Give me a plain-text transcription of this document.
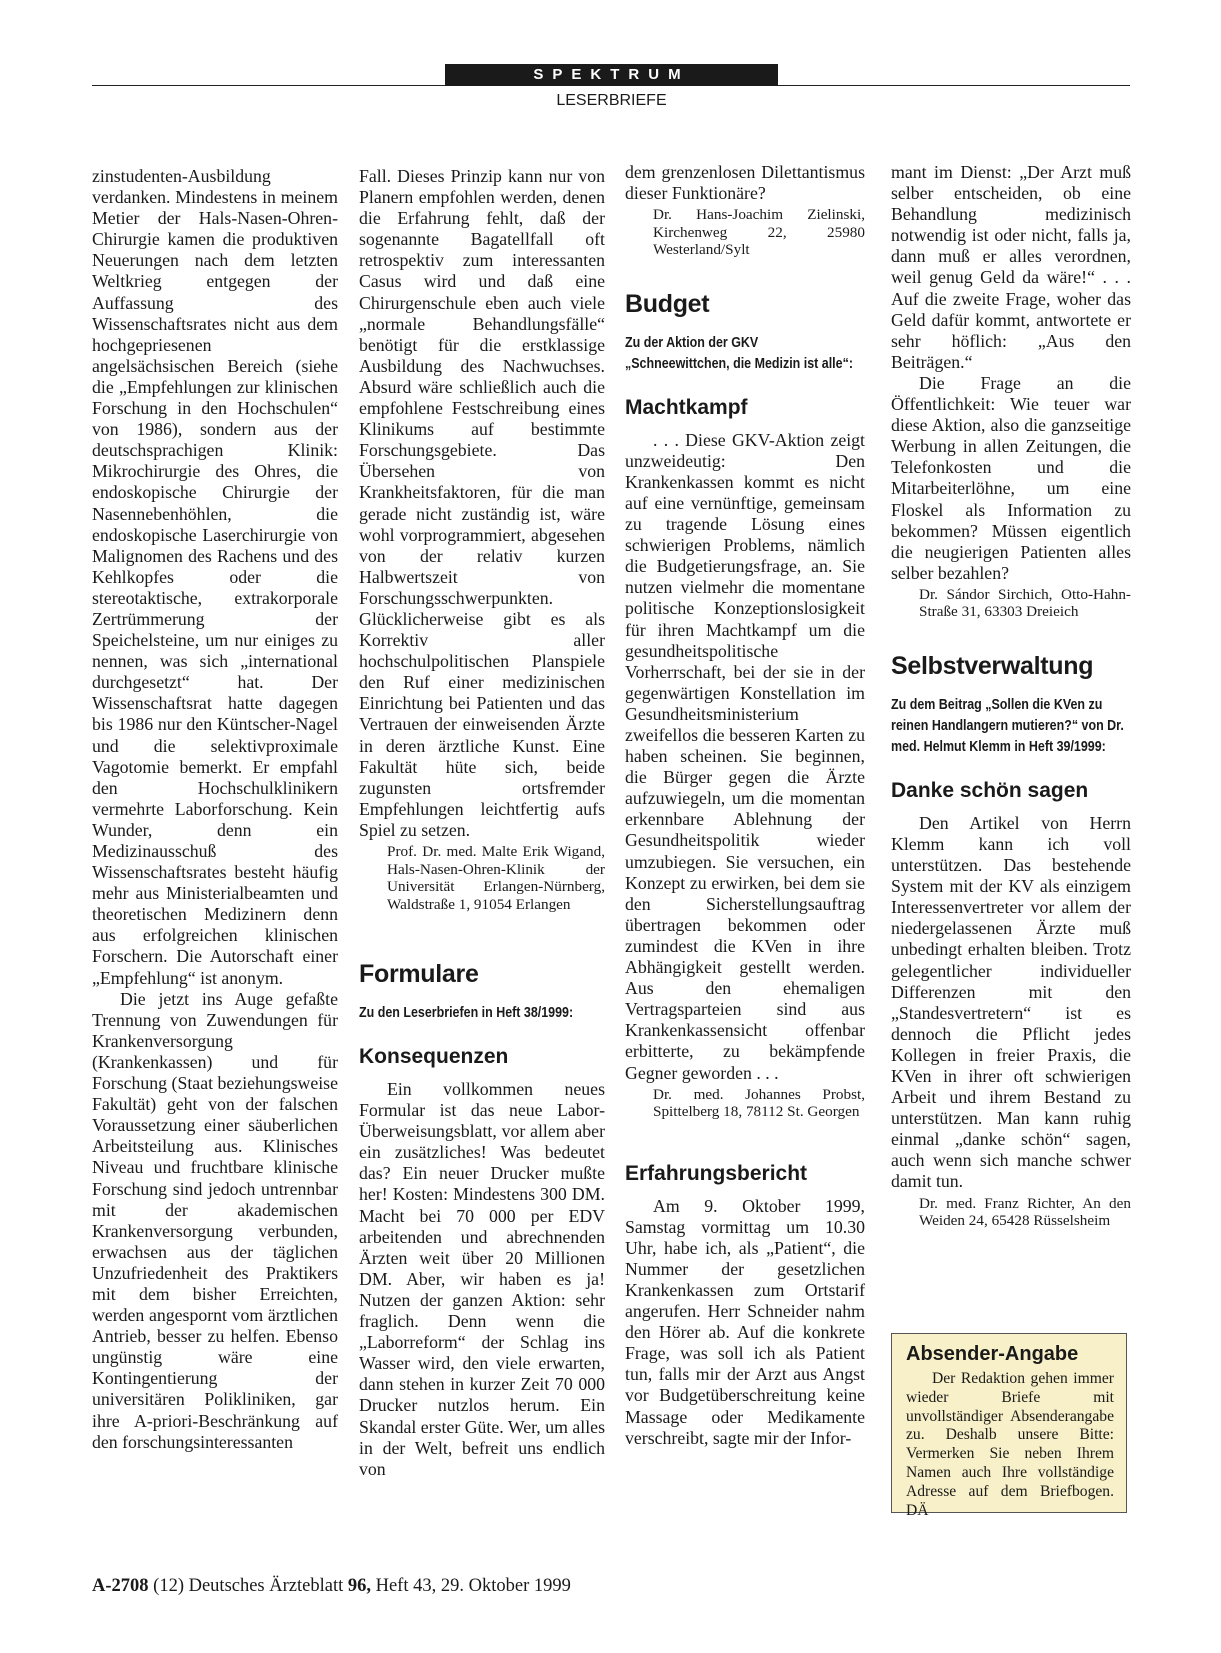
SPEKTRUM
LESERBRIEFE

zinstudenten-Ausbildung verdanken. Mindestens in meinem Metier der Hals-Nasen-Ohren-Chirurgie kamen die produktiven Neuerungen nach dem letzten Weltkrieg entgegen der Auffassung des Wissenschaftsrates nicht aus dem hochgepriesenen angelsächsischen Bereich (siehe die „Empfehlungen zur klinischen Forschung in den Hochschulen“ von 1986), sondern aus der deutschsprachigen Klinik: Mikrochirurgie des Ohres, die endoskopische Chirurgie der Nasennebenhöhlen, die endoskopische Laserchirurgie von Malignomen des Rachens und des Kehlkopfes oder die stereotaktische, extrakorporale Zertrümmerung der Speichelsteine, um nur einiges zu nennen, was sich „international durchgesetzt“ hat. Der Wissenschaftsrat hatte dagegen bis 1986 nur den Küntscher-Nagel und die selektivproximale Vagotomie bemerkt. Er empfahl den Hochschulklinikern vermehrte Laborforschung. Kein Wunder, denn ein Medizinausschuß des Wissenschaftsrates besteht häufig mehr aus Ministerialbeamten und theoretischen Medizinern denn aus erfolgreichen klinischen Forschern. Die Autorschaft einer „Empfehlung“ ist anonym.

Die jetzt ins Auge gefaßte Trennung von Zuwendungen für Krankenversorgung (Krankenkassen) und für Forschung (Staat beziehungsweise Fakultät) geht von der falschen Voraussetzung einer säuberlichen Arbeitsteilung aus. Klinisches Niveau und fruchtbare klinische Forschung sind jedoch untrennbar mit der akademischen Krankenversorgung verbunden, erwachsen aus der täglichen Unzufriedenheit des Praktikers mit dem bisher Erreichten, werden angespornt vom ärztlichen Antrieb, besser zu helfen. Ebenso ungünstig wäre eine Kontingentierung der universitären Polikliniken, gar ihre A-priori-Beschränkung auf den forschungsinteressanten

Fall. Dieses Prinzip kann nur von Planern empfohlen werden, denen die Erfahrung fehlt, daß der sogenannte Bagatellfall oft retrospektiv zum interessanten Casus wird und daß eine Chirurgenschule eben auch viele „normale Behandlungsfälle“ benötigt für die erstklassige Ausbildung des Nachwuchses. Absurd wäre schließlich auch die empfohlene Festschreibung eines Klinikums auf bestimmte Forschungsgebiete. Das Übersehen von Krankheitsfaktoren, für die man gerade nicht zuständig ist, wäre wohl vorprogrammiert, abgesehen von der relativ kurzen Halbwertszeit von Forschungsschwerpunkten. Glücklicherweise gibt es als Korrektiv aller hochschulpolitischen Planspiele den Ruf einer medizinischen Einrichtung bei Patienten und das Vertrauen der einweisenden Ärzte in deren ärztliche Kunst. Eine Fakultät hüte sich, beide zugunsten ortsfremder Empfehlungen leichtfertig aufs Spiel zu setzen.

Prof. Dr. med. Malte Erik Wigand, Hals-Nasen-Ohren-Klinik der Universität Erlangen-Nürnberg, Waldstraße 1, 91054 Erlangen
Formulare
Zu den Leserbriefen in Heft 38/1999:
Konsequenzen

Ein vollkommen neues Formular ist das neue Labor-Überweisungsblatt, vor allem aber ein zusätzliches! Was bedeutet das? Ein neuer Drucker mußte her! Kosten: Mindestens 300 DM. Macht bei 70 000 per EDV arbeitenden und abrechnenden Ärzten weit über 20 Millionen DM. Aber, wir haben es ja! Nutzen der ganzen Aktion: sehr fraglich. Denn wenn die „Laborreform“ der Schlag ins Wasser wird, den viele erwarten, dann stehen in kurzer Zeit 70 000 Drucker nutzlos herum. Ein Skandal erster Güte. Wer, um alles in der Welt, befreit uns endlich von

dem grenzenlosen Dilettantismus dieser Funktionäre?

Dr. Hans-Joachim Zielinski, Kirchenweg 22, 25980 Westerland/Sylt
Budget
Zu der Aktion der GKV „Schneewittchen, die Medizin ist alle“:
Machtkampf

. . . Diese GKV-Aktion zeigt unzweideutig: Den Krankenkassen kommt es nicht auf eine vernünftige, gemeinsam zu tragende Lösung eines schwierigen Problems, nämlich die Budgetierungsfrage, an. Sie nutzen vielmehr die momentane politische Konzeptionslosigkeit für ihren Machtkampf um die gesundheitspolitische Vorherrschaft, bei der sie in der gegenwärtigen Konstellation im Gesundheitsministerium zweifellos die besseren Karten zu haben scheinen. Sie beginnen, die Bürger gegen die Ärzte aufzuwiegeln, um die momentan erkennbare Ablehnung der Gesundheitspolitik wieder umzubiegen. Sie versuchen, ein Konzept zu erwirken, bei dem sie den Sicherstellungsauftrag übertragen bekommen oder zumindest die KVen in ihre Abhängigkeit gestellt werden. Aus den ehemaligen Vertragsparteien sind aus Krankenkassensicht offenbar erbitterte, zu bekämpfende Gegner geworden . . .

Dr. med. Johannes Probst, Spittelberg 18, 78112 St. Georgen
Erfahrungsbericht

Am 9. Oktober 1999, Samstag vormittag um 10.30 Uhr, habe ich, als „Patient“, die Nummer der gesetzlichen Krankenkassen zum Ortstarif angerufen. Herr Schneider nahm den Hörer ab. Auf die konkrete Frage, was soll ich als Patient tun, falls mir der Arzt aus Angst vor Budgetüberschreitung keine Massage oder Medikamente verschreibt, sagte mir der Infor-

mant im Dienst: „Der Arzt muß selber entscheiden, ob eine Behandlung medizinisch notwendig ist oder nicht, falls ja, dann muß er alles verordnen, weil genug Geld da wäre!“ . . . Auf die zweite Frage, woher das Geld dafür kommt, antwortete er sehr höflich: „Aus den Beiträgen.“

Die Frage an die Öffentlichkeit: Wie teuer war diese Aktion, also die ganzseitige Werbung in allen Zeitungen, die Telefonkosten und die Mitarbeiterlöhne, um eine Floskel als Information zu bekommen? Müssen eigentlich die neugierigen Patienten alles selber bezahlen?

Dr. Sándor Sirchich, Otto-Hahn-Straße 31, 63303 Dreieich
Selbstverwaltung
Zu dem Beitrag „Sollen die KVen zu reinen Handlangern mutieren?“ von Dr. med. Helmut Klemm in Heft 39/1999:
Danke schön sagen

Den Artikel von Herrn Klemm kann ich voll unterstützen. Das bestehende System mit der KV als einzigem Interessenvertreter vor allem der niedergelassenen Ärzte muß unbedingt erhalten bleiben. Trotz gelegentlicher individueller Differenzen mit den „Standesvertretern“ ist es dennoch die Pflicht jedes Kollegen in freier Praxis, die KVen in ihrer oft schwierigen Arbeit und ihrem Bestand zu unterstützen. Man kann ruhig einmal „danke schön“ sagen, auch wenn sich manche schwer damit tun.

Dr. med. Franz Richter, An den Weiden 24, 65428 Rüsselsheim
Absender-Angabe

Der Redaktion gehen immer wieder Briefe mit unvollständiger Absenderangabe zu. Deshalb unsere Bitte: Vermerken Sie neben Ihrem Namen auch Ihre vollständige Adresse auf dem Briefbogen. DÄ

A-2708 (12) Deutsches Ärzteblatt 96, Heft 43, 29. Oktober 1999
